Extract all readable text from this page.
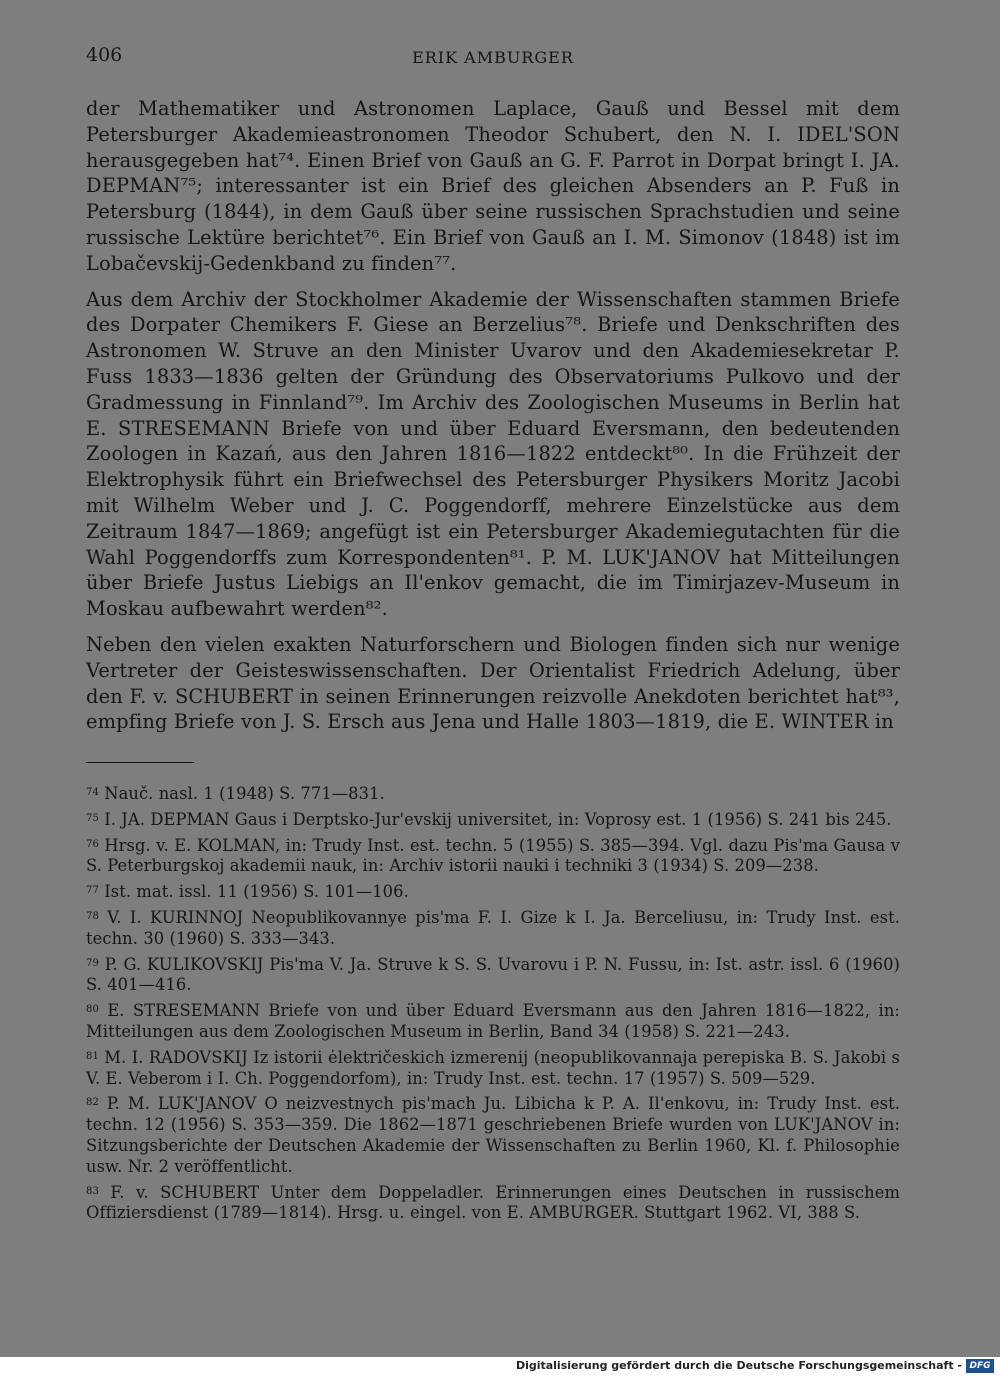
406	ERIK AMBURGER

der Mathematiker und Astronomen Laplace, Gauß und Bessel mit dem Petersburger Akademieastronomen Theodor Schubert, den N. I. IDEL'SON herausgegeben hat⁷⁴. Einen Brief von Gauß an G. F. Parrot in Dorpat bringt I. JA. DEPMAN⁷⁵; interessanter ist ein Brief des gleichen Absenders an P. Fuß in Petersburg (1844), in dem Gauß über seine russischen Sprachstudien und seine russische Lektüre berichtet⁷⁶. Ein Brief von Gauß an I. M. Simonov (1848) ist im Lobačevskij-Gedenkband zu finden⁷⁷.

Aus dem Archiv der Stockholmer Akademie der Wissenschaften stammen Briefe des Dorpater Chemikers F. Giese an Berzelius⁷⁸. Briefe und Denkschriften des Astronomen W. Struve an den Minister Uvarov und den Akademiesekretar P. Fuss 1833—1836 gelten der Gründung des Observatoriums Pulkovo und der Gradmessung in Finnland⁷⁹. Im Archiv des Zoologischen Museums in Berlin hat E. STRESEMANN Briefe von und über Eduard Eversmann, den bedeutenden Zoologen in Kazań, aus den Jahren 1816—1822 entdeckt⁸⁰. In die Frühzeit der Elektrophysik führt ein Briefwechsel des Petersburger Physikers Moritz Jacobi mit Wilhelm Weber und J. C. Poggendorff, mehrere Einzelstücke aus dem Zeitraum 1847—1869; angefügt ist ein Petersburger Akademiegutachten für die Wahl Poggendorffs zum Korrespondenten⁸¹. P. M. LUK'JANOV hat Mitteilungen über Briefe Justus Liebigs an Il'enkov gemacht, die im Timirjazev-Museum in Moskau aufbewahrt werden⁸².

Neben den vielen exakten Naturforschern und Biologen finden sich nur wenige Vertreter der Geisteswissenschaften. Der Orientalist Friedrich Adelung, über den F. v. SCHUBERT in seinen Erinnerungen reizvolle Anekdoten berichtet hat⁸³, empfing Briefe von J. S. Ersch aus Jena und Halle 1803—1819, die E. WINTER in

$^{74}$ Nauč. nasl. 1 (1948) S. 771—831.

$^{75}$ I. JA. DEPMAN Gaus i Derptsko-Jur'evskij universitet, in: Voprosy est. 1 (1956) S. 241 bis 245.

$^{76}$ Hrsg. v. E. KOLMAN, in: Trudy Inst. est. techn. 5 (1955) S. 385—394. Vgl. dazu Pis'ma Gausa v S. Peterburgskoj akademii nauk, in: Archiv istorii nauki i techniki 3 (1934) S. 209—238.

$^{77}$ Ist. mat. issl. 11 (1956) S. 101—106.

$^{78}$ V. I. KURINNOJ Neopublikovannye pis'ma F. I. Gize k I. Ja. Berceliusu, in: Trudy Inst. est. techn. 30 (1960) S. 333—343.

$^{79}$ P. G. KULIKOVSKIJ Pis'ma V. Ja. Struve k S. S. Uvarovu i P. N. Fussu, in: Ist. astr. issl. 6 (1960) S. 401—416.

$^{80}$ E. STRESEMANN Briefe von und über Eduard Eversmann aus den Jahren 1816—1822, in: Mitteilungen aus dem Zoologischen Museum in Berlin, Band 34 (1958) S. 221—243.

$^{81}$ M. I. RADOVSKIJ Iz istorii ėlektričeskich izmerenij (neopublikovannaja perepiska B. S. Jakobi s V. E. Veberom i I. Ch. Poggendorfom), in: Trudy Inst. est. techn. 17 (1957) S. 509—529.

$^{82}$ P. M. LUK'JANOV O neizvestnych pis'mach Ju. Libicha k P. A. Il'enkovu, in: Trudy Inst. est. techn. 12 (1956) S. 353—359. Die 1862—1871 geschriebenen Briefe wurden von LUK'JANOV in: Sitzungsberichte der Deutschen Akademie der Wissenschaften zu Berlin 1960, Kl. f. Philosophie usw. Nr. 2 veröffentlicht.

$^{83}$ F. v. SCHUBERT Unter dem Doppeladler. Erinnerungen eines Deutschen in russischem Offiziersdienst (1789—1814). Hrsg. u. eingel. von E. AMBURGER. Stuttgart 1962. VI, 388 S.

Digitalisierung gefördert durch die Deutsche Forschungsgemeinschaft - DFG
